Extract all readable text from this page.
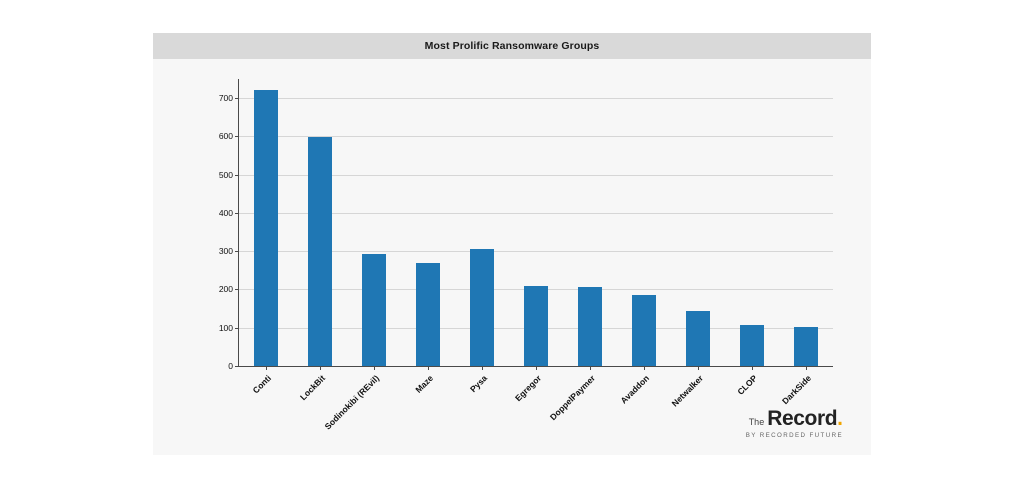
Most Prolific Ransomware Groups
0
100
200
300
400
500
600
700
Conti	LockBit
Sodinokibi (REvil)	Maze	Pysa	Egregor DoppelPaymer	Avaddon Netwalker	CLOP DarkSide
The Record.
BY RECORDED FUTURE
